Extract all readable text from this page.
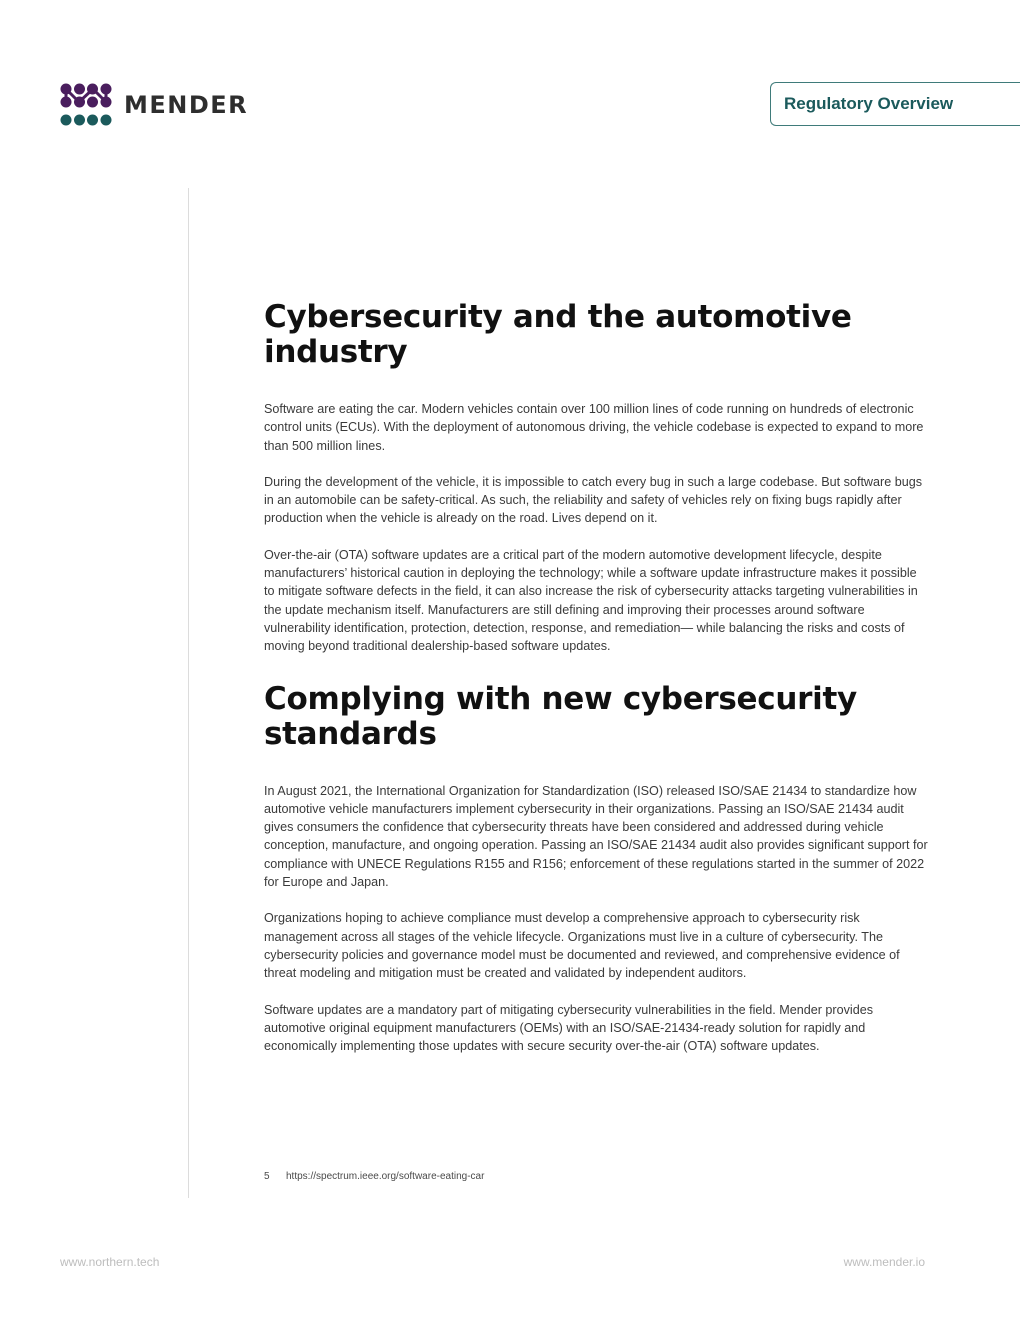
MENDER	Regulatory Overview
Cybersecurity and the automotive industry

Software are eating the car. Modern vehicles contain over 100 million lines of code running on hundreds of electronic control units (ECUs). With the deployment of autonomous driving, the vehicle codebase is expected to expand to more than 500 million lines.

During the development of the vehicle, it is impossible to catch every bug in such a large codebase. But software bugs in an automobile can be safety-critical. As such, the reliability and safety of vehicles rely on fixing bugs rapidly after production when the vehicle is already on the road. Lives depend on it.

Over-the-air (OTA) software updates are a critical part of the modern automotive development lifecycle, despite manufacturers’ historical caution in deploying the technology; while a software update infrastructure makes it possible to mitigate software defects in the field, it can also increase the risk of cybersecurity attacks targeting vulnerabilities in the update mechanism itself. Manufacturers are still defining and improving their processes around software vulnerability identification, protection, detection, response, and remediation— while balancing the risks and costs of moving beyond traditional dealership-based software updates.

Complying with new cybersecurity standards

In August 2021, the International Organization for Standardization (ISO) released ISO/SAE 21434 to standardize how automotive vehicle manufacturers implement cybersecurity in their organizations. Passing an ISO/SAE 21434 audit gives consumers the confidence that cybersecurity threats have been considered and addressed during vehicle conception, manufacture, and ongoing operation. Passing an ISO/SAE 21434 audit also provides significant support for compliance with UNECE Regulations R155 and R156; enforcement of these regulations started in the summer of 2022 for Europe and Japan.

Organizations hoping to achieve compliance must develop a comprehensive approach to cybersecurity risk management across all stages of the vehicle lifecycle. Organizations must live in a culture of cybersecurity. The cybersecurity policies and governance model must be documented and reviewed, and comprehensive evidence of threat modeling and mitigation must be created and validated by independent auditors.

Software updates are a mandatory part of mitigating cybersecurity vulnerabilities in the field. Mender provides automotive original equipment manufacturers (OEMs) with an ISO/SAE-21434-ready solution for rapidly and economically implementing those updates with secure security over-the-air (OTA) software updates.

5	https://spectrum.ieee.org/software-eating-car
www.northern.tech	www.mender.io
